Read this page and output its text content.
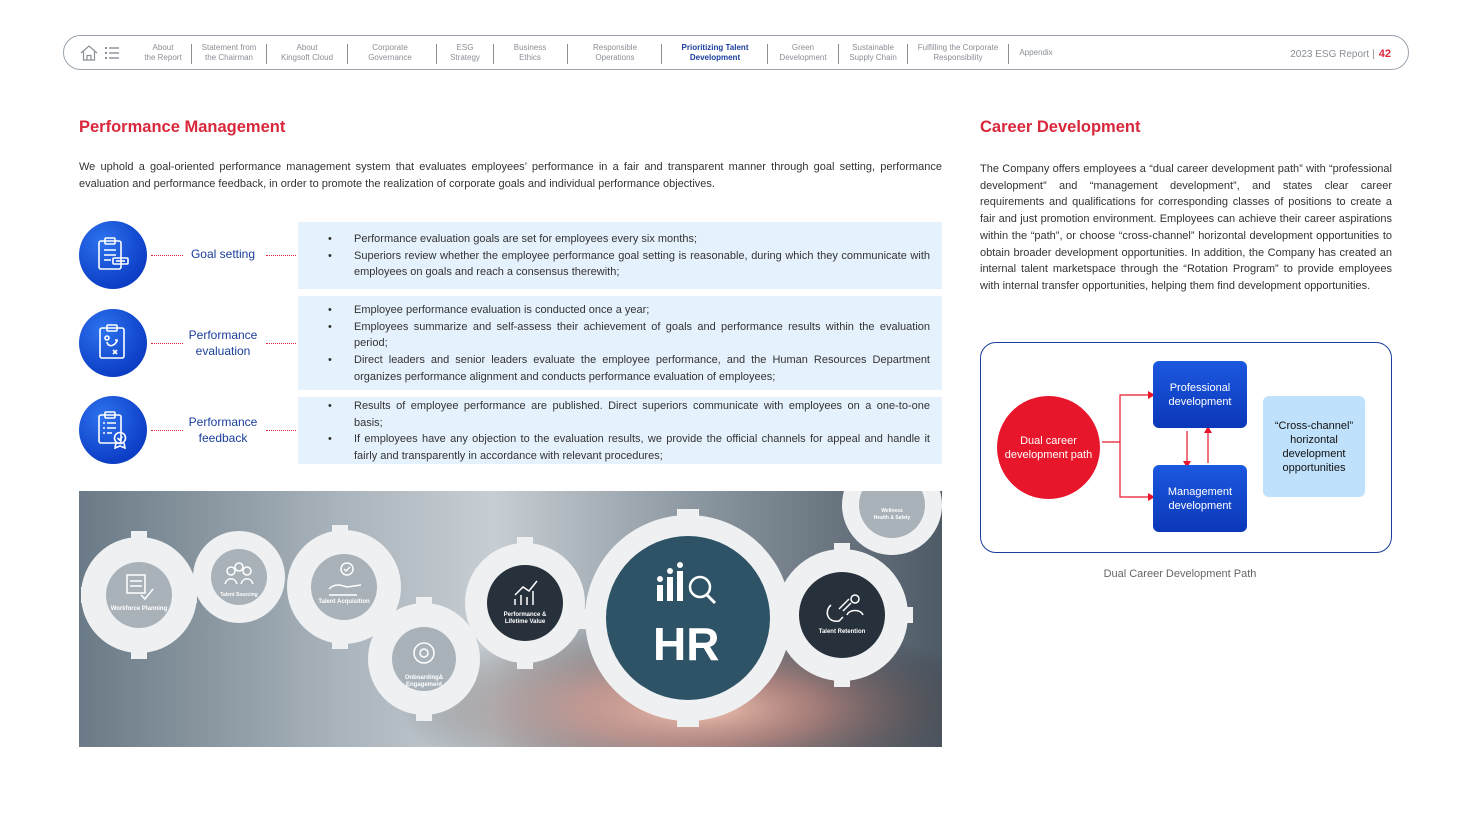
About
the Report
Statement from
the Chairman
About
Kingsoft Cloud
Corporate
Governance
ESG
Strategy
Business
Ethics
Responsible
Operations
Prioritizing Talent
Development
Green
Development
Sustainable
Supply Chain
Fulfilling the Corporate
Responsibility
Appendix	2023 ESG Report | 42
Performance Management

We uphold a goal-oriented performance management system that evaluates employees’ performance in a fair and transparent manner through goal setting, performance evaluation and performance feedback, in order to promote the realization of corporate goals and individual performance objectives.

Goal setting
• Performance evaluation goals are set for employees every six months;
• Superiors review whether the employee performance goal setting is reasonable, during which they communicate with employees on goals and reach a consensus therewith;
Performance evaluation
• Employee performance evaluation is conducted once a year;
• Employees summarize and self-assess their achievement of goals and performance results within the evaluation period;
• Direct leaders and senior leaders evaluate the employee performance, and the Human Resources Department organizes performance alignment and conducts performance evaluation of employees;
Performance feedback
• Results of employee performance are published. Direct superiors communicate with employees on a one-to-one basis;
• If employees have any objection to the evaluation results, we provide the official channels for appeal and handle it fairly and transparently in accordance with relevant procedures;
HR
Workforce Planning
Talent Sourcing
Talent Acquisition
Onboarding&
Engagement
Performance &
Lifetime Value
Talent Retention
Wellness
Health & Safety
Career Development

The Company offers employees a “dual career development path” with “professional development” and “management development”, and states clear career requirements and qualifications for corresponding classes of positions to create a fair and just promotion environment. Employees can achieve their career aspirations within the “path”, or choose “cross-channel” horizontal development opportunities to obtain broader development opportunities. In addition, the Company has created an internal talent marketspace through the “Rotation Program” to provide employees with internal transfer opportunities, helping them find development opportunities.

Dual career development path
Professional development
Management development
“Cross-channel” horizontal development opportunities
Dual Career Development Path
